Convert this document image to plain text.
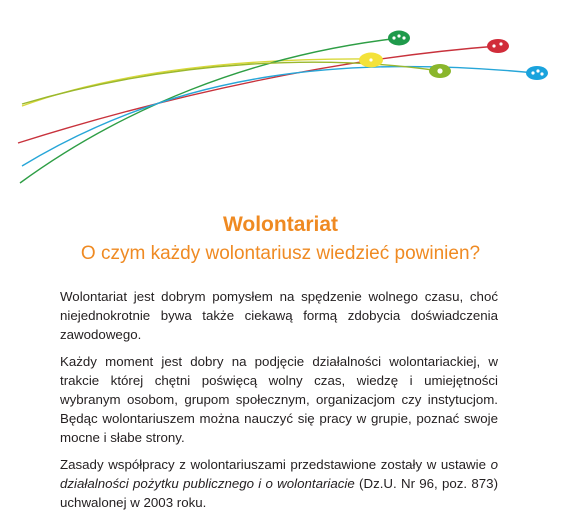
Wolontariat
O czym każdy wolontariusz wiedzieć powinien?

Wolontariat jest dobrym pomysłem na spędzenie wolnego czasu, choć niejednokrotnie bywa także ciekawą formą zdobycia doświadczenia zawodowego.

Każdy moment jest dobry na podjęcie działalności wolontariackiej, w trakcie której chętni poświęcą wolny czas, wiedzę i umiejętności wybranym osobom, grupom społecznym, organizacjom czy instytucjom. Będąc wolontariuszem można nauczyć się pracy w grupie, poznać swoje mocne i słabe strony.

Zasady współpracy z wolontariuszami przedstawione zostały w ustawie o działalności pożytku publicznego i o wolontariacie (Dz.U. Nr 96, poz. 873) uchwalonej w 2003 roku.
